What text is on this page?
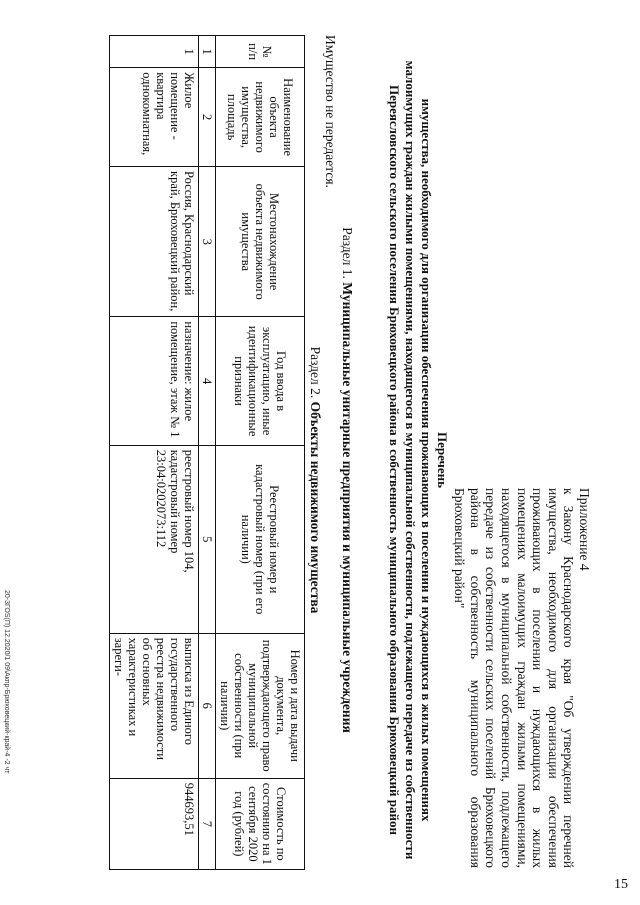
Приложение 4
к Закону Краснодарского края "Об утверждении перечней имущества, необходимого для организации обеспечения проживающих в поселении и нуждающихся в жилых помещениях малоимущих граждан жилыми помещениями, находящегося в муниципальной собственности, подлежащего передаче из собственности сельских поселений Брюховецкого района в собственность муниципального образования Брюховецкий район"
Перечень
имущества, необходимого для организации обеспечения проживающих в поселении и нуждающихся в жилых помещениях малоимущих граждан жилыми помещениями, находящегося в муниципальной собственности, подлежащего передаче из собственности Переясловского сельского поселения Брюховецкого района в собственность муниципального образования Брюховецкий район
Раздел 1. Муниципальные унитарные предприятия и муниципальные учреждения
Имущество не передается.
Раздел 2. Объекты недвижимого имущества
№ п/п	Наименование объекта недвижимого имущества, площадь	Местонахождение объекта недвижимого имущества	Год ввода в эксплуатацию, иные идентификационные признаки	Реестровый номер и кадастровый номер (при его наличии)	Номер и дата выдачи документа, подтверждающего право муниципальной собственности (при наличии)	Стоимость по состоянию на 1 сентября 2020 год (рублей)
1	2	3	4	5	6	7
1	Жилое помещение - квартира однокомнатная,	Россия, Краснодарский край, Брюховецкий район,	назначение: жилое помещение, этаж № 1	реестровый номер 104, кадастровый номер 23:04:0202073:112	выписка из Единого государственного реестра недвижимости об основных характеристиках и зареги-	944693,51
20-3ГОS(П) 12.2020/1 09\Акпр-Брюховецкий-край-4 -2 чт
15
